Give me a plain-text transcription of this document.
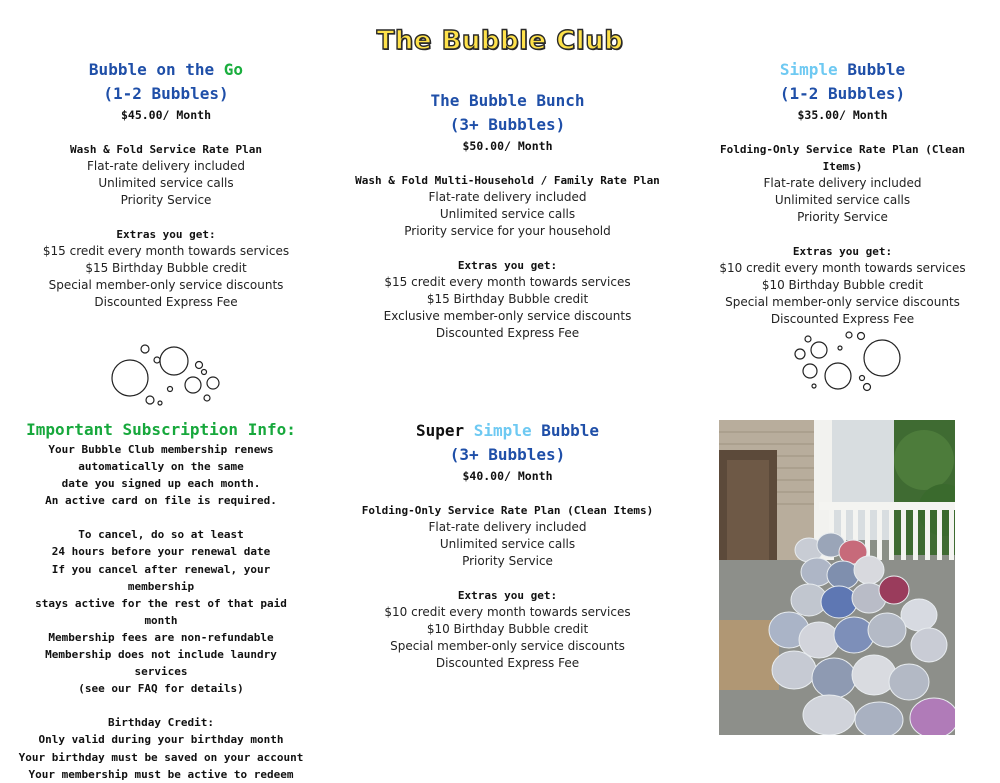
The Bubble Club
Bubble on the Go
(1-2 Bubbles)
$45.00/ Month
Wash & Fold Service Rate Plan
Flat-rate delivery included
Unlimited service calls
Priority Service
Extras you get:
$15 credit every month towards services
$15 Birthday Bubble credit
Special member-only service discounts
Discounted Express Fee
The Bubble Bunch
(3+ Bubbles)
$50.00/ Month
Wash & Fold Multi-Household / Family Rate Plan
Flat-rate delivery included
Unlimited service calls
Priority service for your household
Extras you get:
$15 credit every month towards services
$15 Birthday Bubble credit
Exclusive member-only service discounts
Discounted Express Fee
Simple Bubble
(1-2 Bubbles)
$35.00/ Month
Folding-Only Service Rate Plan (Clean Items)
Flat-rate delivery included
Unlimited service calls
Priority Service
Extras you get:
$10 credit every month towards services
$10 Birthday Bubble credit
Special member-only service discounts
Discounted Express Fee
Important Subscription Info:
Your Bubble Club membership renews
automatically on the same
date you signed up each month.
An active card on file is required.
To cancel, do so at least
24 hours before your renewal date
If you cancel after renewal, your membership
stays active for the rest of that paid month
Membership fees are non-refundable
Membership does not include laundry services
(see our FAQ for details)
Birthday Credit:
Only valid during your birthday month
Your birthday must be saved on your account
Your membership must be active to redeem
Super Simple Bubble
(3+ Bubbles)
$40.00/ Month
Folding-Only Service Rate Plan (Clean Items)
Flat-rate delivery included
Unlimited service calls
Priority Service
Extras you get:
$10 credit every month towards services
$10 Birthday Bubble credit
Special member-only service discounts
Discounted Express Fee
